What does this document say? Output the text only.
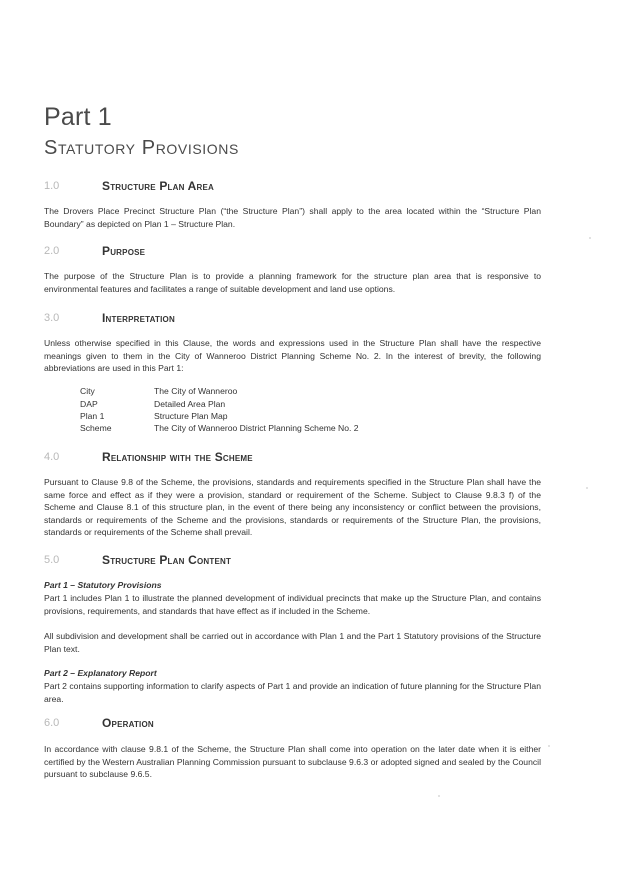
Part 1
Statutory Provisions
1.0	Structure Plan Area
The Drovers Place Precinct Structure Plan (“the Structure Plan”) shall apply to the area located within the “Structure Plan Boundary” as depicted on Plan 1 – Structure Plan.
2.0	Purpose
The purpose of the Structure Plan is to provide a planning framework for the structure plan area that is responsive to environmental features and facilitates a range of suitable development and land use options.
3.0	Interpretation
Unless otherwise specified in this Clause, the words and expressions used in the Structure Plan shall have the respective meanings given to them in the City of Wanneroo District Planning Scheme No. 2. In the interest of brevity, the following abbreviations are used in this Part 1:
City	The City of Wanneroo
DAP	Detailed Area Plan
Plan 1	Structure Plan Map
Scheme	The City of Wanneroo District Planning Scheme No. 2
4.0	Relationship with the Scheme
Pursuant to Clause 9.8 of the Scheme, the provisions, standards and requirements specified in the Structure Plan shall have the same force and effect as if they were a provision, standard or requirement of the Scheme. Subject to Clause 9.8.3 f) of the Scheme and Clause 8.1 of this structure plan, in the event of there being any inconsistency or conflict between the provisions, standards or requirements of the Scheme and the provisions, standards or requirements of the Structure Plan, the provisions, standards or requirements of the Scheme shall prevail.
5.0	Structure Plan Content
Part 1 – Statutory Provisions
Part 1 includes Plan 1 to illustrate the planned development of individual precincts that make up the Structure Plan, and contains provisions, requirements, and standards that have effect as if included in the Scheme.
All subdivision and development shall be carried out in accordance with Plan 1 and the Part 1 Statutory provisions of the Structure Plan text.
Part 2 – Explanatory Report
Part 2 contains supporting information to clarify aspects of Part 1 and provide an indication of future planning for the Structure Plan area.
6.0	Operation
In accordance with clause 9.8.1 of the Scheme, the Structure Plan shall come into operation on the later date when it is either certified by the Western Australian Planning Commission pursuant to subclause 9.6.3 or adopted signed and sealed by the Council pursuant to subclause 9.6.5.
